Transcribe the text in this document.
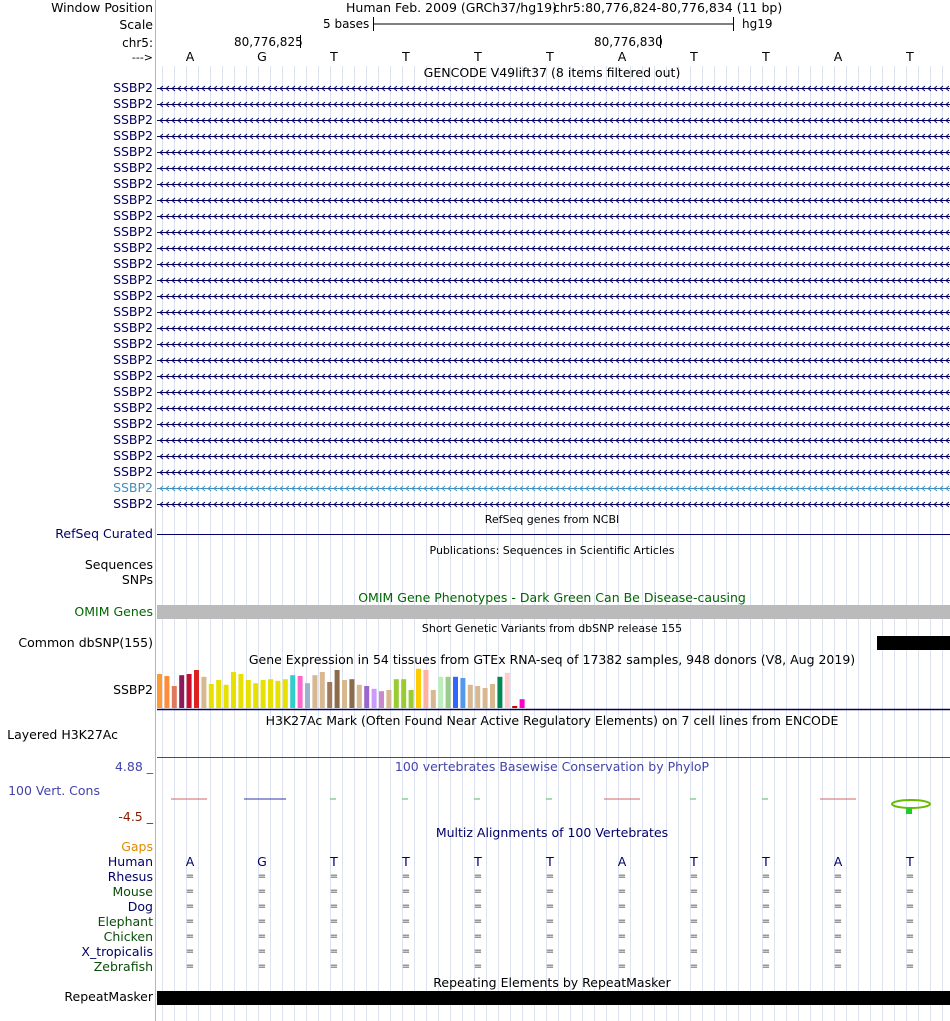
Window Position
Scale
chr5:
--->
Human Feb. 2009 (GRCh37/hg19)
chr5:80,776,824-80,776,834 (11 bp)
5 bases	hg19
80,776,825	80,776,830
A	G	T	T	T	T	A	T	T	A	T
GENCODE V49lift37 (8 items filtered out)
SSBP2
SSBP2
SSBP2
SSBP2
SSBP2
SSBP2
SSBP2
SSBP2
SSBP2
SSBP2
SSBP2
SSBP2
SSBP2
SSBP2
SSBP2
SSBP2
SSBP2
SSBP2
SSBP2
SSBP2
SSBP2
SSBP2
SSBP2
SSBP2
SSBP2
SSBP2
SSBP2
RefSeq genes from NCBI
RefSeq Curated
Publications: Sequences in Scientific Articles
Sequences
SNPs
OMIM Gene Phenotypes - Dark Green Can Be Disease-causing
OMIM Genes
Short Genetic Variants from dbSNP release 155
Common dbSNP(155)
Gene Expression in 54 tissues from GTEx RNA-seq of 17382 samples, 948 donors (V8, Aug 2019)
SSBP2
H3K27Ac Mark (Often Found Near Active Regulatory Elements) on 7 cell lines from ENCODE
Layered H3K27Ac
100 vertebrates Basewise Conservation by PhyloP
4.88 _
100 Vert. Cons
-4.5 _
Multiz Alignments of 100 Vertebrates
Gaps
Human	A	G	T	T	T	T	A	T	T	A	T
Rhesus	=	=	=	=	=	=	=	=	=	=	=
Mouse	=	=	=	=	=	=	=	=	=	=	=
Dog	=	=	=	=	=	=	=	=	=	=	=
Elephant	=	=	=	=	=	=	=	=	=	=	=
Chicken	=	=	=	=	=	=	=	=	=	=	=
X_tropicalis	=	=	=	=	=	=	=	=	=	=	=
Zebrafish	=	=	=	=	=	=	=	=	=	=	=
Repeating Elements by RepeatMasker
RepeatMasker
